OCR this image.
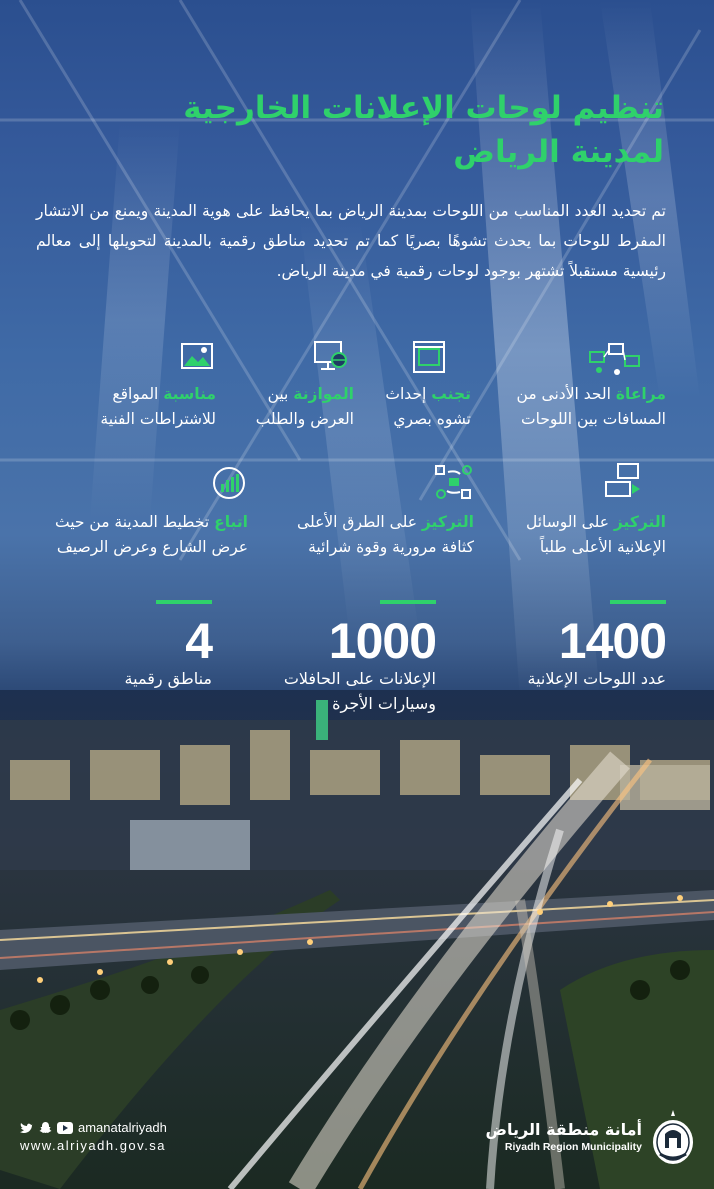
تنظيم لوحات الإعلانات الخارجية
لمدينة الرياض
تم تحديد العدد المناسب من اللوحات بمدينة الرياض بما يحافظ على هوية المدينة ويمنع من الانتشار المفرط للوحات بما يحدث تشوهًا بصريًا كما تم تحديد مناطق رقمية بالمدينة لتحويلها إلى معالم رئيسية مستقبلاً تشتهر بوجود لوحات رقمية في مدينة الرياض.
مراعاة الحد الأدنى من
المسافات بين اللوحات
تجنب إحداث
تشوه بصري
الموازنة بين
العرض والطلب
مناسبة المواقع
للاشتراطات الفنية
التركيز على الوسائل
الإعلانية الأعلى طلباً
التركيز على الطرق الأعلى
كثافة مرورية وقوة شرائية
اتباع تخطيط المدينة من حيث
عرض الشارع وعرض الرصيف
1400
عدد اللوحات الإعلانية
1000
الإعلانات على الحافلات
وسيارات الأجرة
4
مناطق رقمية
amanatalriyadh
www.alriyadh.gov.sa
أمانة منطقة الرياض
Riyadh Region Municipality
